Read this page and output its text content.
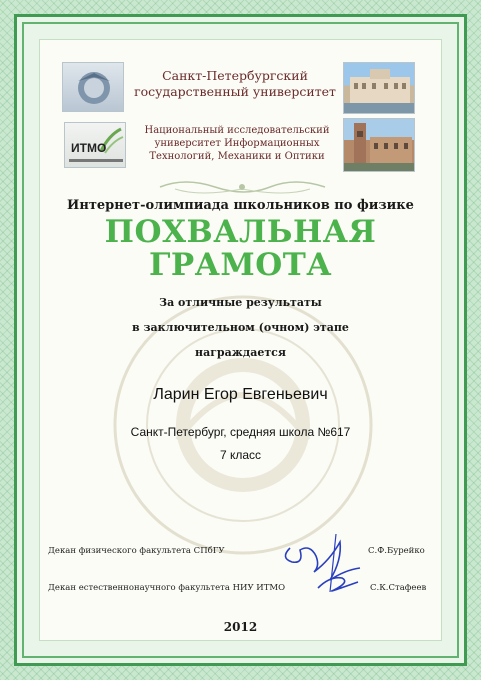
ИТМО
Санкт-Петербургский государственный университет
Национальный исследовательский университет Информационных Технологий, Механики и Оптики
Интернет-олимпиада школьников по физике
ПОХВАЛЬНАЯ
ГРАМОТА
За отличные результаты
в заключительном (очном) этапе
награждается
Ларин Егор Евгеньевич
Санкт-Петербург, средняя школа №617
7 класс
Декан физического факультета СПбГУ	С.Ф.Бурейко
Декан естественнонаучного факультета НИУ ИТМО	С.К.Стафеев
2012
